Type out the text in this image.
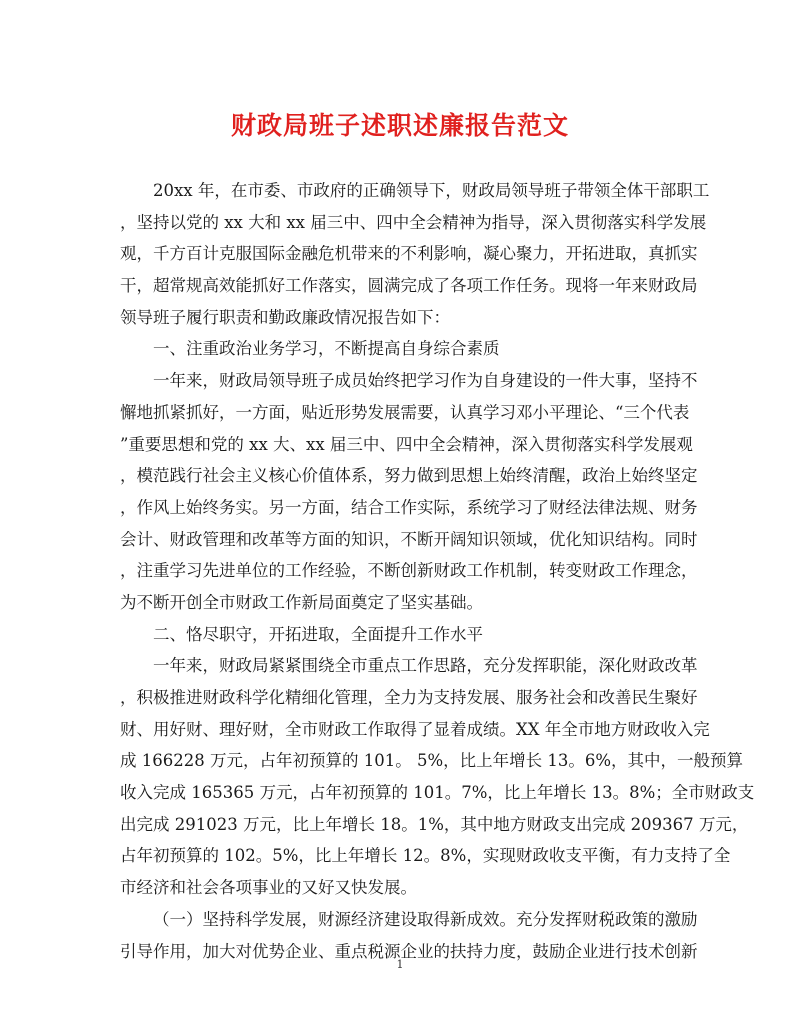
财政局班子述职述廉报告范文
20xx 年，在市委、市政府的正确领导下，财政局领导班子带领全体干部职工
，坚持以党的 xx 大和 xx 届三中、四中全会精神为指导，深入贯彻落实科学发展
观，千方百计克服国际金融危机带来的不利影响，凝心聚力，开拓进取，真抓实
干，超常规高效能抓好工作落实，圆满完成了各项工作任务。现将一年来财政局
领导班子履行职责和勤政廉政情况报告如下：
一、注重政治业务学习，不断提高自身综合素质
一年来，财政局领导班子成员始终把学习作为自身建设的一件大事，坚持不
懈地抓紧抓好，一方面，贴近形势发展需要，认真学习邓小平理论、“三个代表
”重要思想和党的 xx 大、xx 届三中、四中全会精神，深入贯彻落实科学发展观
，模范践行社会主义核心价值体系，努力做到思想上始终清醒，政治上始终坚定
，作风上始终务实。另一方面，结合工作实际，系统学习了财经法律法规、财务
会计、财政管理和改革等方面的知识，不断开阔知识领域，优化知识结构。同时
，注重学习先进单位的工作经验，不断创新财政工作机制，转变财政工作理念，
为不断开创全市财政工作新局面奠定了坚实基础。
二、恪尽职守，开拓进取，全面提升工作水平
一年来，财政局紧紧围绕全市重点工作思路，充分发挥职能，深化财政改革
，积极推进财政科学化精细化管理，全力为支持发展、服务社会和改善民生聚好
财、用好财、理好财，全市财政工作取得了显着成绩。XX 年全市地方财政收入完
成 166228 万元，占年初预算的 101。 5%，比上年增长 13。6%，其中，一般预算
收入完成 165365 万元，占年初预算的 101。7%，比上年增长 13。8%；全市财政支
出完成 291023 万元，比上年增长 18。1%，其中地方财政支出完成 209367 万元，
占年初预算的 102。5%，比上年增长 12。8%，实现财政收支平衡，有力支持了全
市经济和社会各项事业的又好又快发展。
（一）坚持科学发展，财源经济建设取得新成效。充分发挥财税政策的激励
引导作用，加大对优势企业、重点税源企业的扶持力度，鼓励企业进行技术创新
1
